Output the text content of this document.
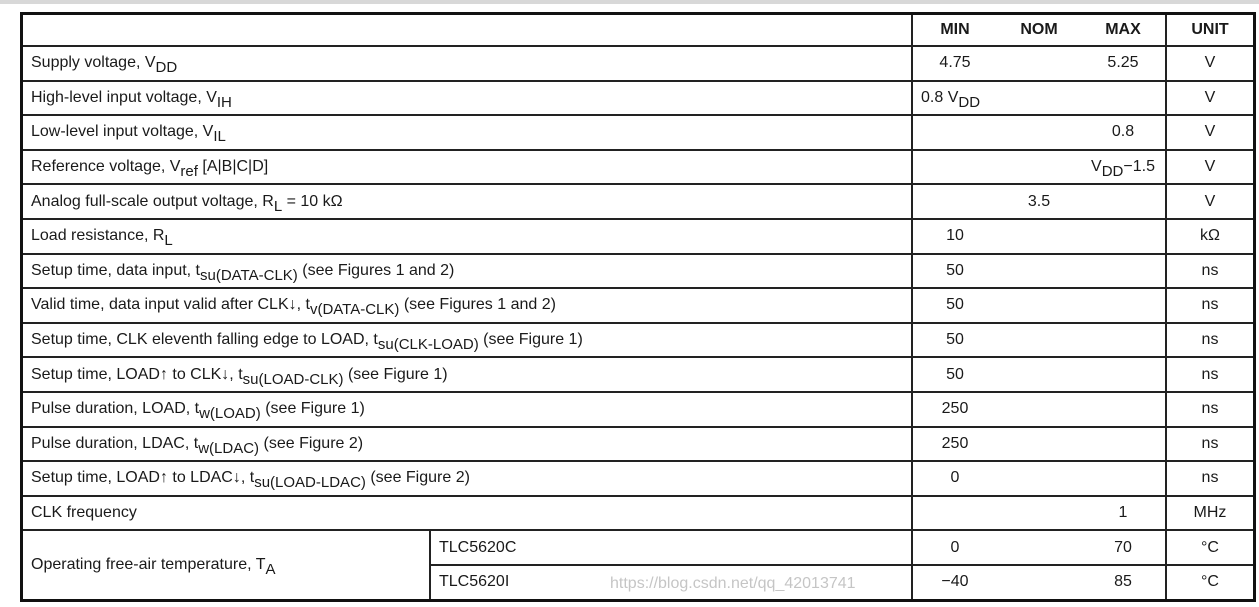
		MIN	NOM	MAX	UNIT
Supply voltage, $V_{DD}$		4.75		5.25	V
High-level input voltage, $V_{IH}$		0.8 $V_{DD}$			V
Low-level input voltage, $V_{IL}$				0.8	V
Reference voltage, $V_{ref}$ [A|B|C|D]				$V_{DD}-1.5$	V
Analog full-scale output voltage, $R_L = 10$ kΩ			3.5		V
Load resistance, $R_L$		10			kΩ
Setup time, data input, $t_{su(DATA-CLK)}$ (see Figures 1 and 2)		50			ns
Valid time, data input valid after CLK↓, $t_{v(DATA-CLK)}$ (see Figures 1 and 2)		50			ns
Setup time, CLK eleventh falling edge to LOAD, $t_{su(CLK-LOAD)}$ (see Figure 1)		50			ns
Setup time, LOAD↑ to CLK↓, $t_{su(LOAD-CLK)}$ (see Figure 1)		50			ns
Pulse duration, LOAD, $t_{w(LOAD)}$ (see Figure 1)		250			ns
Pulse duration, LDAC, $t_{w(LDAC)}$ (see Figure 2)		250			ns
Setup time, LOAD↑ to LDAC↓, $t_{su(LOAD-LDAC)}$ (see Figure 2)		0			ns
CLK frequency				1	MHz
Operating free-air temperature, $T_A$	TLC5620C	0		70	°C
	TLC5620I	−40		85	°C
https://blog.csdn.net/qq_42013741
